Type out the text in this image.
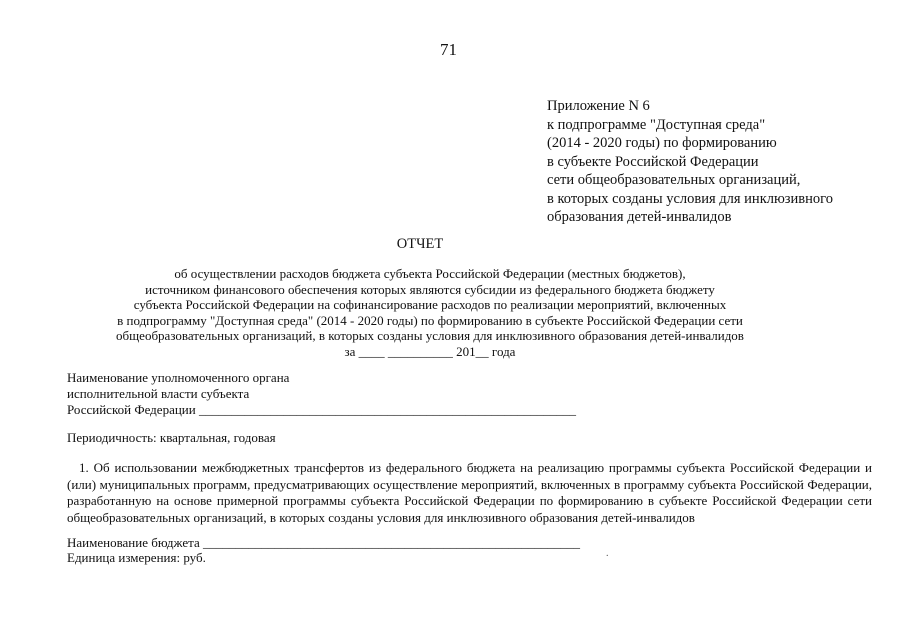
71
Приложение N 6
к подпрограмме "Доступная среда"
(2014 - 2020 годы) по формированию
в субъекте Российской Федерации
сети общеобразовательных организаций,
в которых созданы условия для инклюзивного
образования детей-инвалидов
ОТЧЕТ
об осуществлении расходов бюджета субъекта Российской Федерации (местных бюджетов),
источником финансового обеспечения которых являются субсидии из федерального бюджета бюджету
субъекта Российской Федерации на софинансирование расходов по реализации мероприятий, включенных
в подпрограмму "Доступная среда" (2014 - 2020 годы) по формированию в субъекте Российской Федерации сети
общеобразовательных организаций, в которых созданы условия для инклюзивного образования детей-инвалидов
за ____ __________ 201__ года
Наименование уполномоченного органа
исполнительной власти субъекта
Российской Федерации __________________________________________________________
Периодичность: квартальная, годовая

1. Об использовании межбюджетных трансфертов из федерального бюджета на реализацию программы субъекта Российской Федерации и (или) муниципальных программ, предусматривающих осуществление мероприятий, включенных в программу субъекта Российской Федерации, разработанную на основе примерной программы субъекта Российской Федерации по формированию в субъекте Российской Федерации сети общеобразовательных организаций, в которых созданы условия для инклюзивного образования детей-инвалидов

Наименование бюджета __________________________________________________________
Единица измерения: руб.	.
